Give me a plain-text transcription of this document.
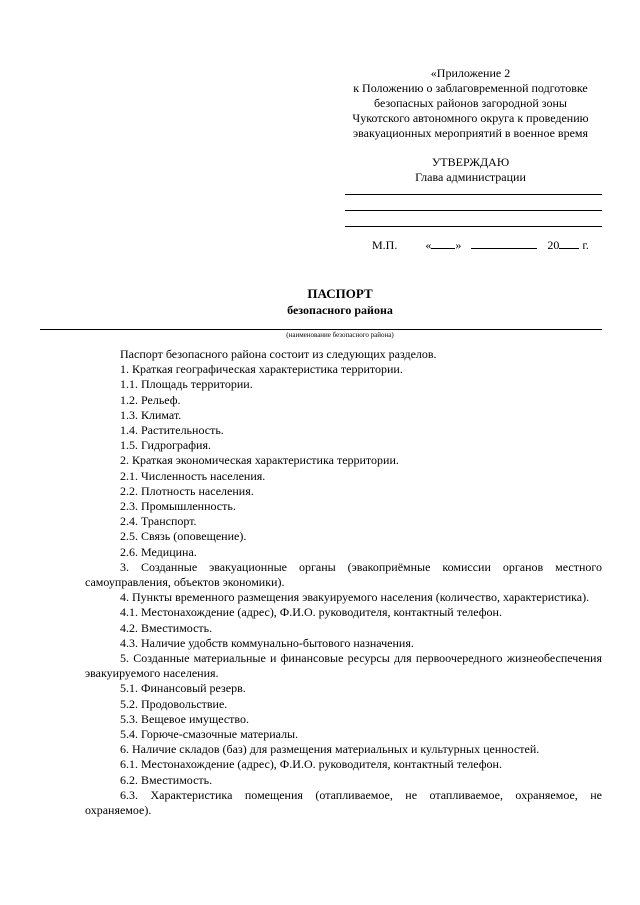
«Приложение 2
к Положению о заблаговременной подготовке
безопасных районов загородной зоны
Чукотского автономного округа к проведению
эвакуационных мероприятий в военное время
УТВЕРЖДАЮ
Глава администрации
М.П. « »	20 г.
ПАСПОРТ
безопасного района
(наименование безопасного района)

Паспорт безопасного района состоит из следующих разделов.

1. Краткая географическая характеристика территории.

1.1. Площадь территории.

1.2. Рельеф.

1.3. Климат.

1.4. Растительность.

1.5. Гидрография.

2. Краткая экономическая характеристика территории.

2.1. Численность населения.

2.2. Плотность населения.

2.3. Промышленность.

2.4. Транспорт.

2.5. Связь (оповещение).

2.6. Медицина.

3. Созданные эвакуационные органы (эвакоприёмные комиссии органов местного самоуправления, объектов экономики).

4. Пункты временного размещения эвакуируемого населения (количество, характеристика).

4.1. Местонахождение (адрес), Ф.И.О. руководителя, контактный телефон.

4.2. Вместимость.

4.3. Наличие удобств коммунально-бытового назначения.

5. Созданные материальные и финансовые ресурсы для первоочередного жизнеобеспечения эвакуируемого населения.

5.1. Финансовый резерв.

5.2. Продовольствие.

5.3. Вещевое имущество.

5.4. Горюче-смазочные материалы.

6. Наличие складов (баз) для размещения материальных и культурных ценностей.

6.1. Местонахождение (адрес), Ф.И.О. руководителя, контактный телефон.

6.2. Вместимость.

6.3. Характеристика помещения (отапливаемое, не отапливаемое, охраняемое, не охраняемое).
